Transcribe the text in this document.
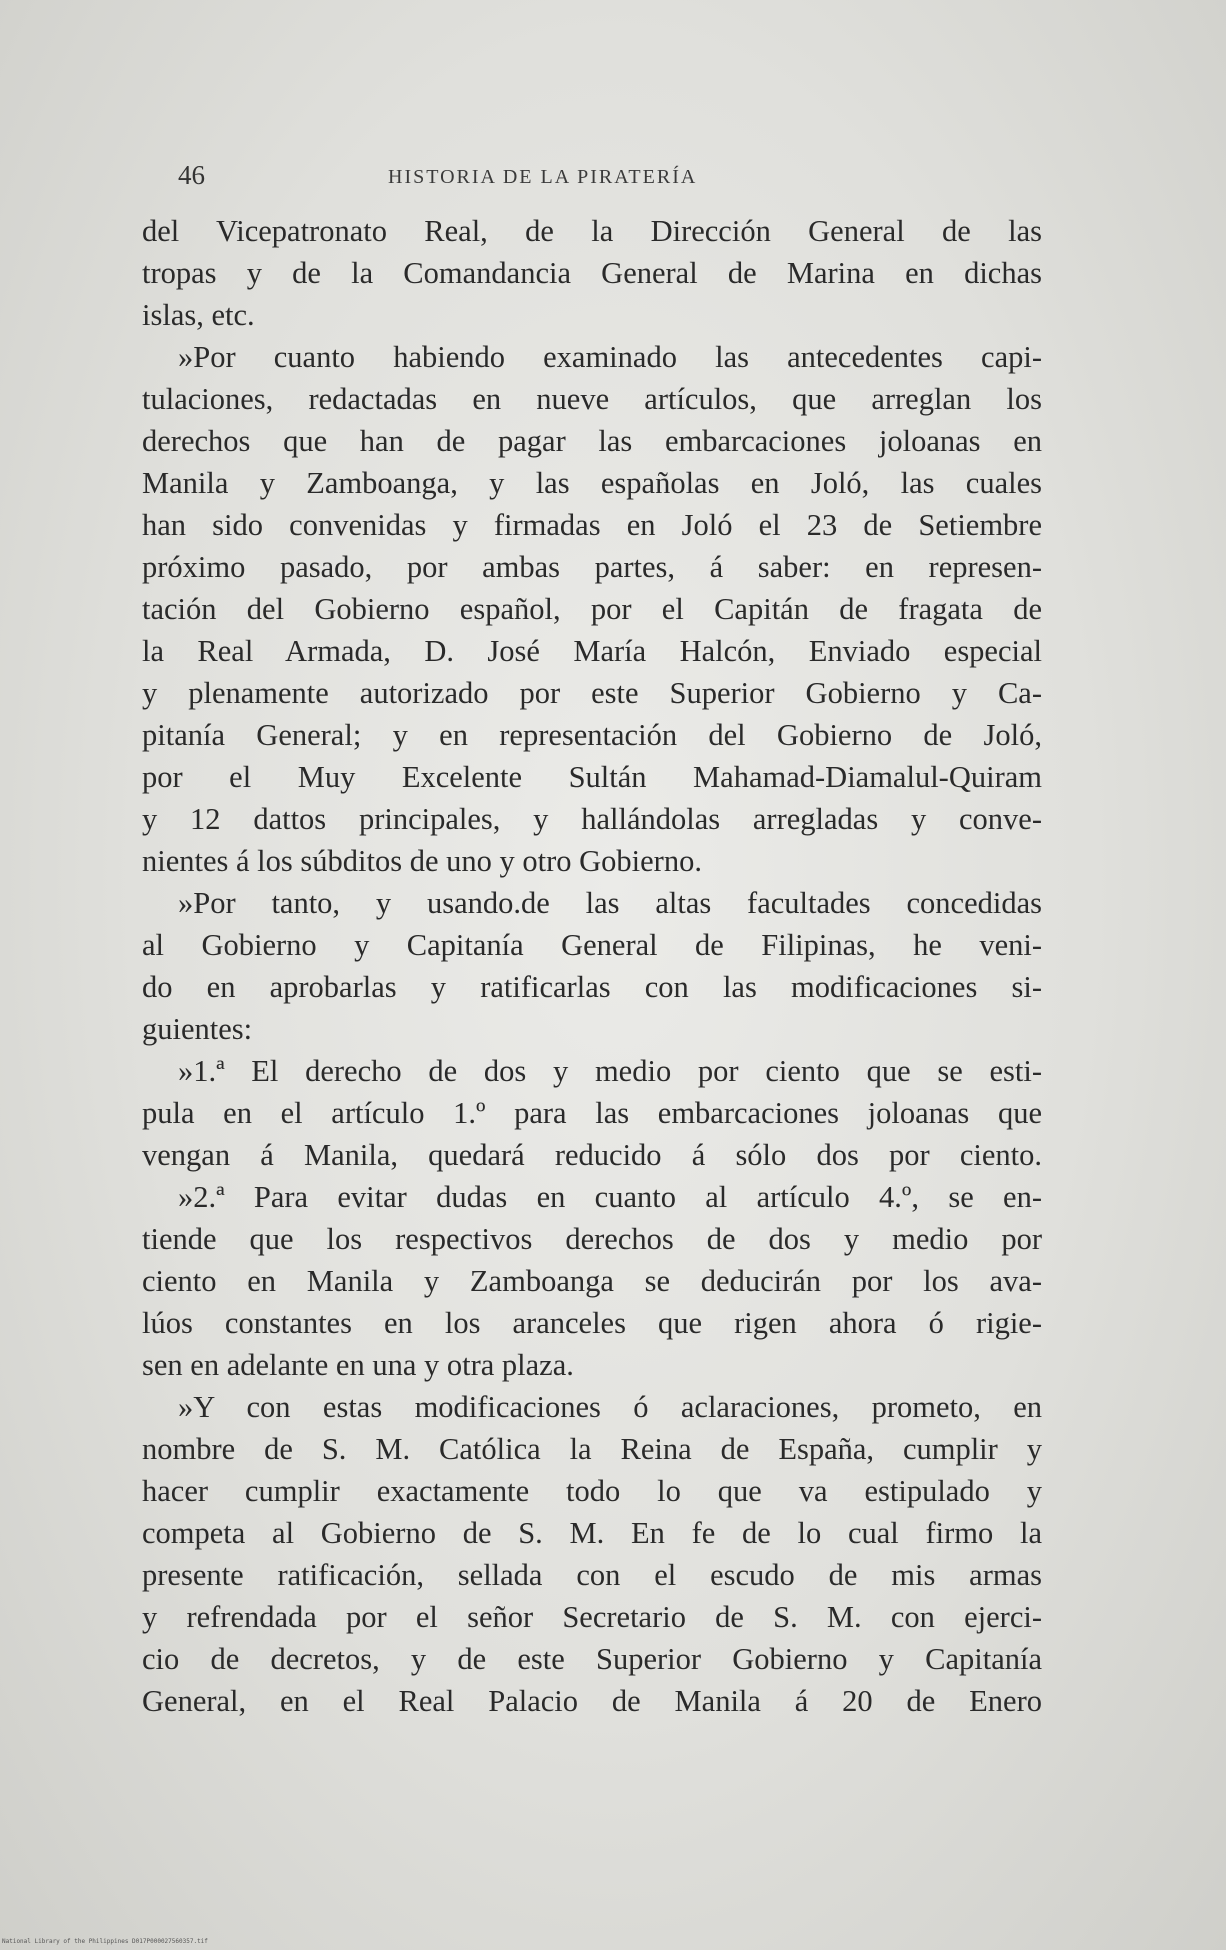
46	HISTORIA DE LA PIRATERÍA
del Vicepatronato Real, de la Dirección General de las
tropas y de la Comandancia General de Marina en dichas
islas, etc.
»Por cuanto habiendo examinado las antecedentes capi-
tulaciones, redactadas en nueve artículos, que arreglan los
derechos que han de pagar las embarcaciones joloanas en
Manila y Zamboanga, y las españolas en Joló, las cuales
han sido convenidas y firmadas en Joló el 23 de Setiembre
próximo pasado, por ambas partes, á saber: en represen-
tación del Gobierno español, por el Capitán de fragata de
la Real Armada, D. José María Halcón, Enviado especial
y plenamente autorizado por este Superior Gobierno y Ca-
pitanía General; y en representación del Gobierno de Joló,
por el Muy Excelente Sultán Mahamad-Diamalul-Quiram
y 12 dattos principales, y hallándolas arregladas y conve-
nientes á los súbditos de uno y otro Gobierno.
»Por tanto, y usando.de las altas facultades concedidas
al Gobierno y Capitanía General de Filipinas, he veni-
do en aprobarlas y ratificarlas con las modificaciones si-
guientes:
»1.ª El derecho de dos y medio por ciento que se esti-
pula en el artículo 1.º para las embarcaciones joloanas que
vengan á Manila, quedará reducido á sólo dos por ciento.
»2.ª Para evitar dudas en cuanto al artículo 4.º, se en-
tiende que los respectivos derechos de dos y medio por
ciento en Manila y Zamboanga se deducirán por los ava-
lúos constantes en los aranceles que rigen ahora ó rigie-
sen en adelante en una y otra plaza.
»Y con estas modificaciones ó aclaraciones, prometo, en
nombre de S. M. Católica la Reina de España, cumplir y
hacer cumplir exactamente todo lo que va estipulado y
competa al Gobierno de S. M. En fe de lo cual firmo la
presente ratificación, sellada con el escudo de mis armas
y refrendada por el señor Secretario de S. M. con ejerci-
cio de decretos, y de este Superior Gobierno y Capitanía
General, en el Real Palacio de Manila á 20 de Enero
National Library of the Philippines D017P000027560357.tif
